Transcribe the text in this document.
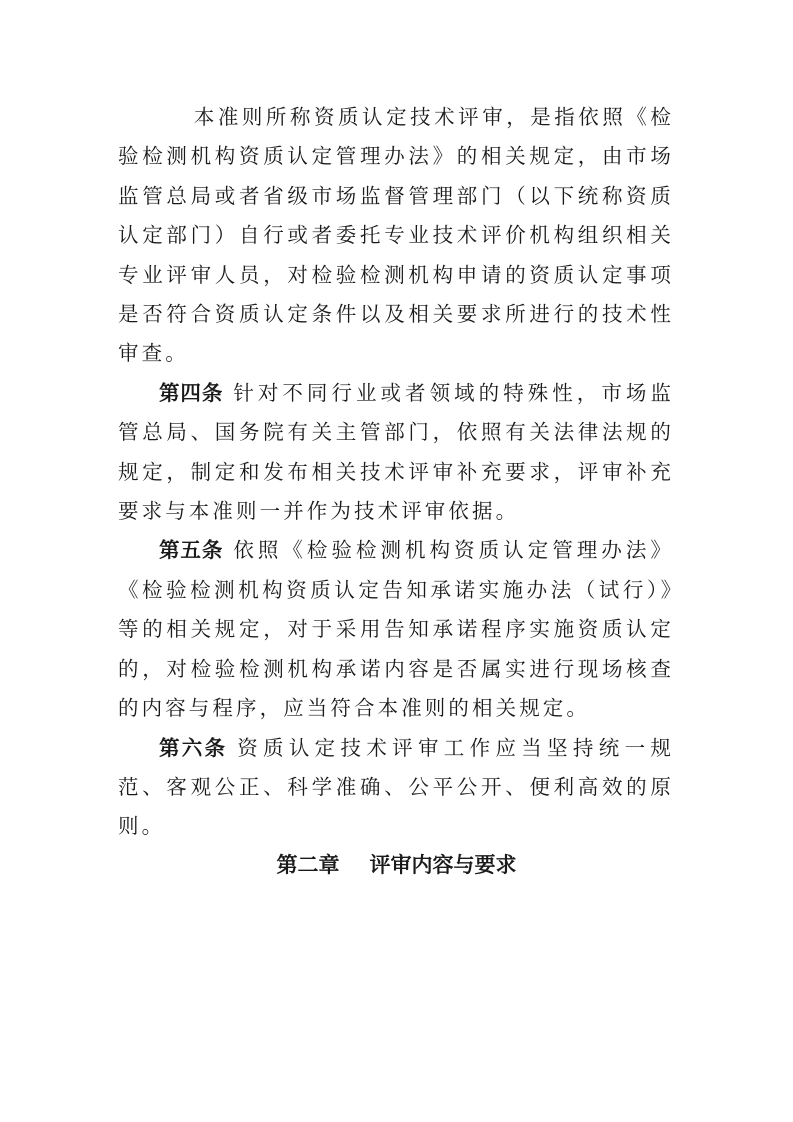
本准则所称资质认定技术评审，是指依照《检验检测机构资质认定管理办法》的相关规定，由市场监管总局或者省级市场监督管理部门（以下统称资质认定部门）自行或者委托专业技术评价机构组织相关专业评审人员，对检验检测机构申请的资质认定事项是否符合资质认定条件以及相关要求所进行的技术性审查。

第四条 针对不同行业或者领域的特殊性，市场监管总局、国务院有关主管部门，依照有关法律法规的规定，制定和发布相关技术评审补充要求，评审补充要求与本准则一并作为技术评审依据。

第五条 依照《检验检测机构资质认定管理办法》《检验检测机构资质认定告知承诺实施办法（试行）》等的相关规定，对于采用告知承诺程序实施资质认定的，对检验检测机构承诺内容是否属实进行现场核查的内容与程序，应当符合本准则的相关规定。

第六条 资质认定技术评审工作应当坚持统一规范、客观公正、科学准确、公平公开、便利高效的原则。

第二章 评审内容与要求
